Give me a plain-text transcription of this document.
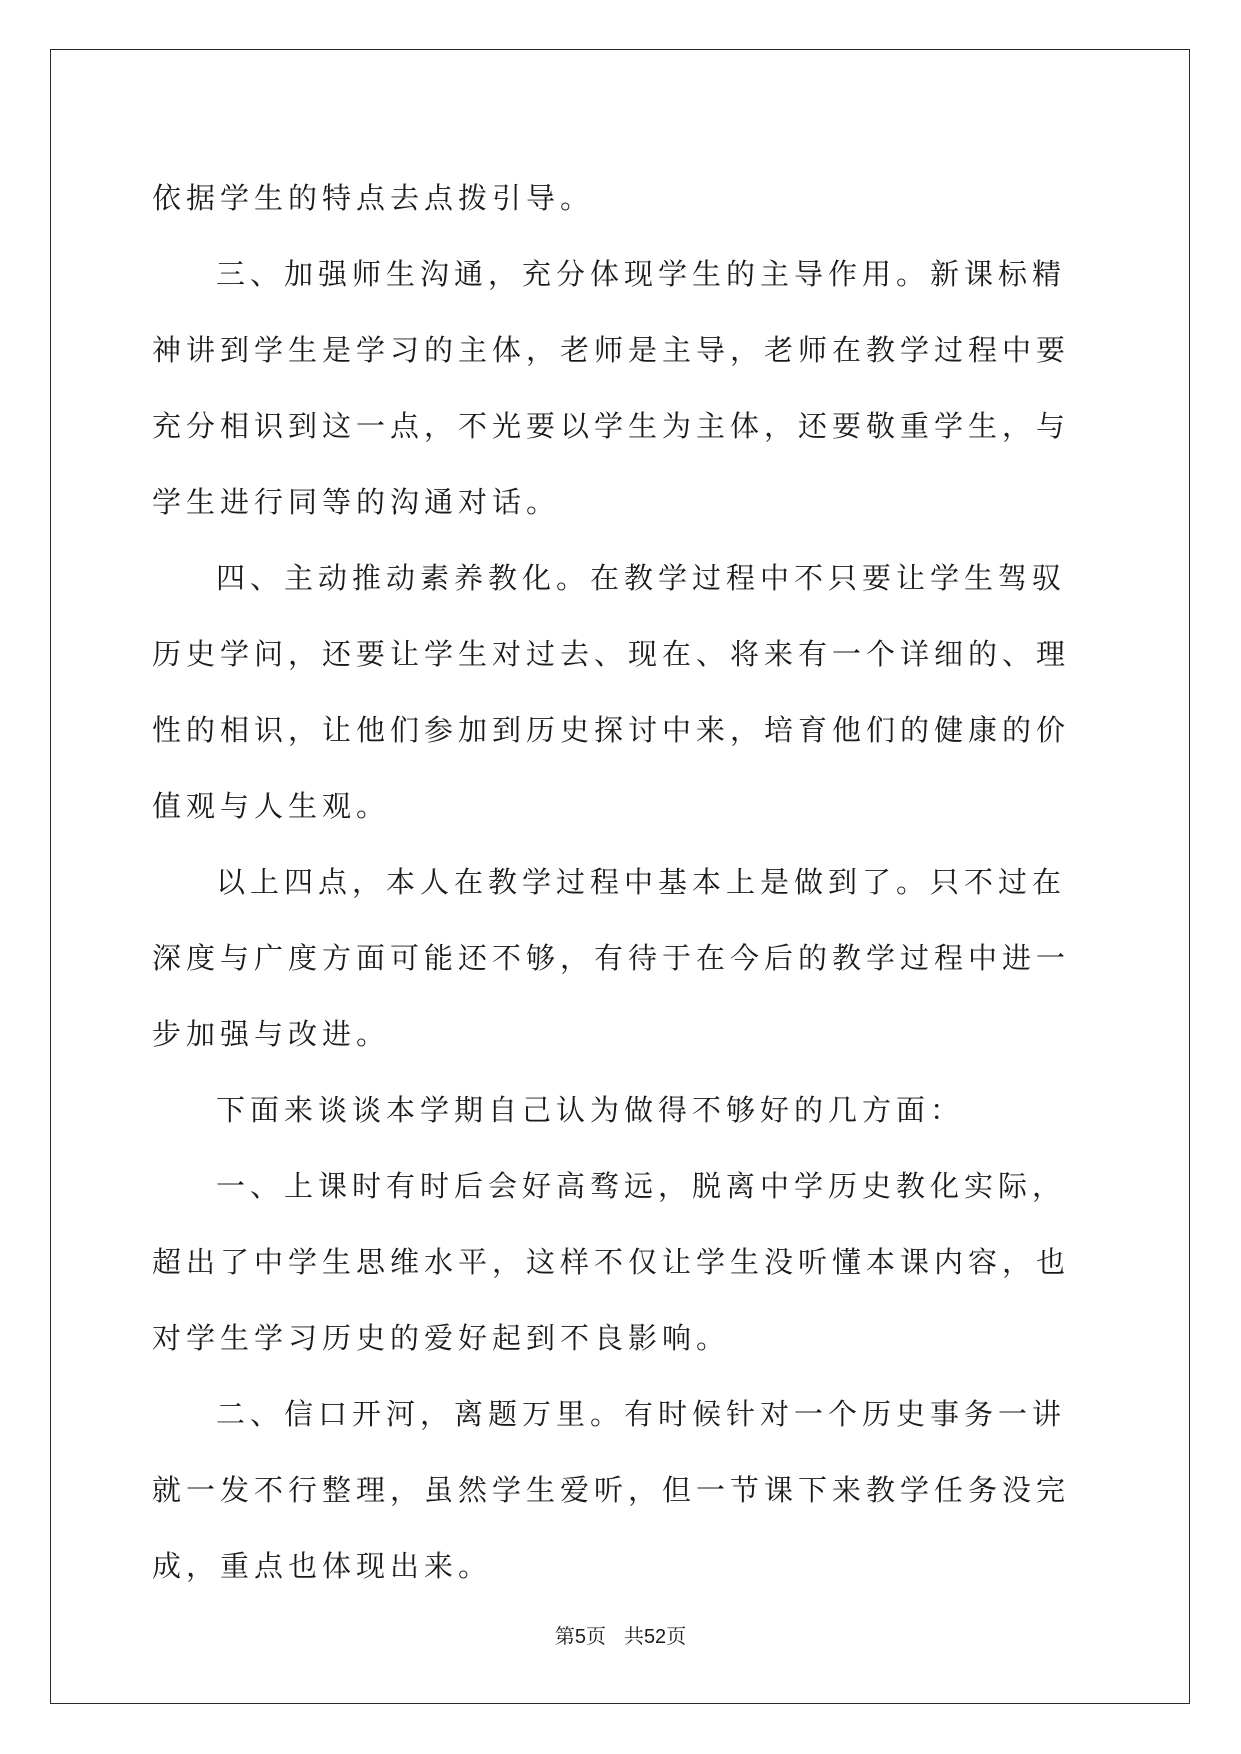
依据学生的特点去点拨引导。

三、加强师生沟通，充分体现学生的主导作用。新课标精神讲到学生是学习的主体，老师是主导，老师在教学过程中要充分相识到这一点，不光要以学生为主体，还要敬重学生，与学生进行同等的沟通对话。

四、主动推动素养教化。在教学过程中不只要让学生驾驭历史学问，还要让学生对过去、现在、将来有一个详细的、理性的相识，让他们参加到历史探讨中来，培育他们的健康的价值观与人生观。

以上四点，本人在教学过程中基本上是做到了。只不过在深度与广度方面可能还不够，有待于在今后的教学过程中进一步加强与改进。

下面来谈谈本学期自己认为做得不够好的几方面：

一、上课时有时后会好高骛远，脱离中学历史教化实际，超出了中学生思维水平，这样不仅让学生没听懂本课内容，也对学生学习历史的爱好起到不良影响。

二、信口开河，离题万里。有时候针对一个历史事务一讲就一发不行整理，虽然学生爱听，但一节课下来教学任务没完成，重点也体现出来。

第5页 共52页
